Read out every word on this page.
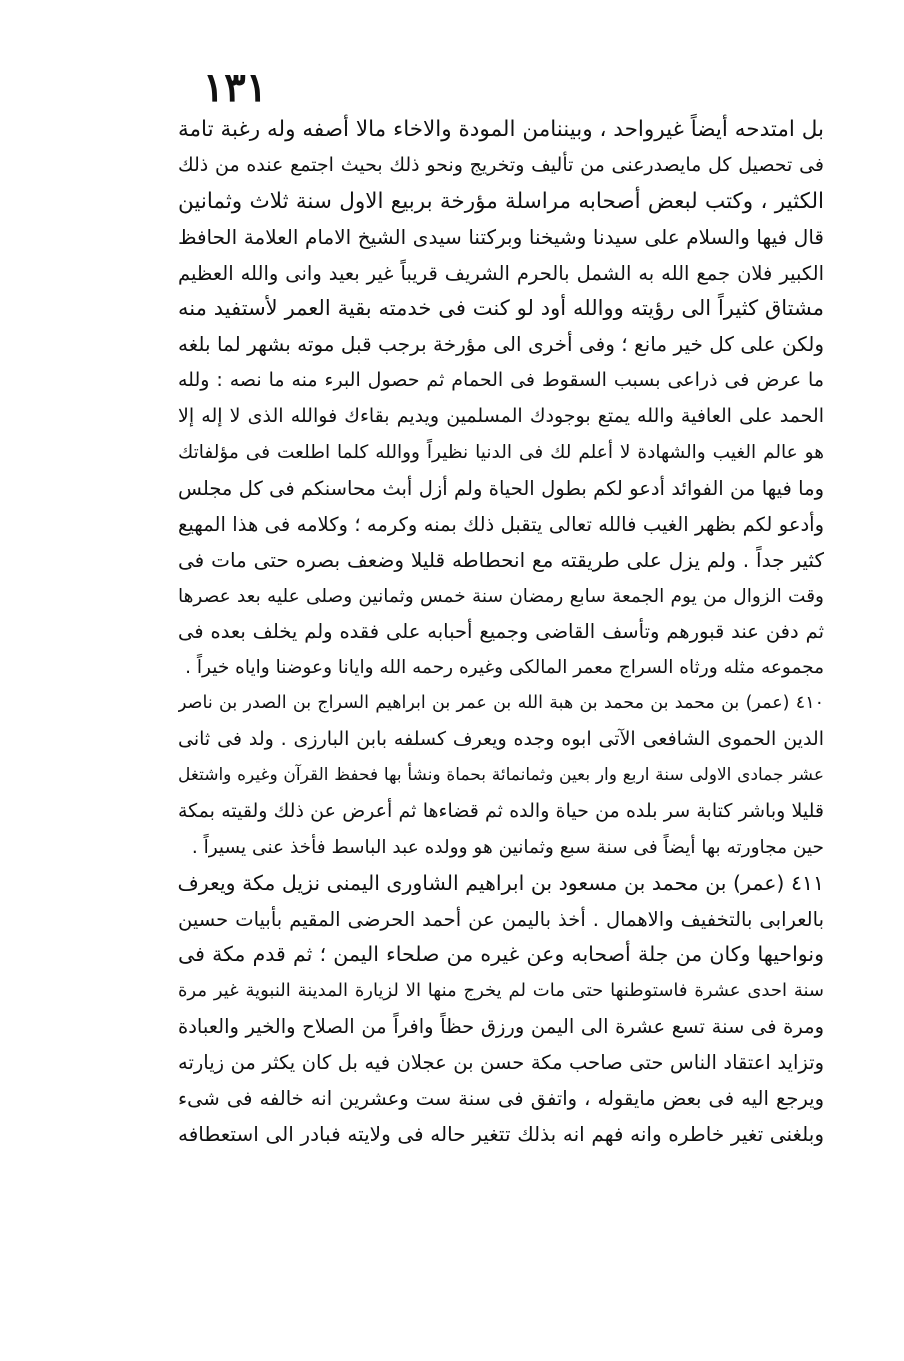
١٣١
بل امتدحه أيضاً غيرواحد ، وبيننامن المودة والاخاء مالا أصفه وله رغبة تامة
فى تحصيل كل مايصدرعنى من تأليف وتخريج ونحو ذلك بحيث اجتمع عنده من ذلك
الكثير ، وكتب لبعض أصحابه مراسلة مؤرخة بربيع الاول سنة ثلاث وثمانين
قال فيها والسلام على سيدنا وشيخنا وبركتنا سيدى الشيخ الامام العلامة الحافظ
الكبير فلان جمع الله به الشمل بالحرم الشريف قريباً غير بعيد وانى والله العظيم
مشتاق كثيراً الى رؤيته ووالله أود لو كنت فى خدمته بقية العمر لأستفيد منه
ولكن على كل خير مانع ؛ وفى أخرى الى مؤرخة برجب قبل موته بشهر لما بلغه
ما عرض فى ذراعى بسبب السقوط فى الحمام ثم حصول البرء منه ما نصه : ولله
الحمد على العافية والله يمتع بوجودك المسلمين ويديم بقاءك فوالله الذى لا إله إلا
هو عالم الغيب والشهادة لا أعلم لك فى الدنيا نظيراً ووالله كلما اطلعت فى مؤلفاتك
وما فيها من الفوائد أدعو لكم بطول الحياة ولم أزل أبث محاسنكم فى كل مجلس
وأدعو لكم بظهر الغيب فالله تعالى يتقبل ذلك بمنه وكرمه ؛ وكلامه فى هذا المهيع
كثير جداً . ولم يزل على طريقته مع انحطاطه قليلا وضعف بصره حتى مات فى
وقت الزوال من يوم الجمعة سابع رمضان سنة خمس وثمانين وصلى عليه بعد عصرها
ثم دفن عند قبورهم وتأسف القاضى وجميع أحبابه على فقده ولم يخلف بعده فى
مجموعه مثله ورثاه السراج معمر المالكى وغيره رحمه الله وايانا وعوضنا واياه خيراً .
٤١٠ (عمر) بن محمد بن محمد بن هبة الله بن عمر بن ابراهيم السراج بن الصدر بن ناصر
الدين الحموى الشافعى الآتى ابوه وجده ويعرف كسلفه بابن البارزى . ولد فى ثانى
عشر جمادى الاولى سنة اربع وار بعين وثمانمائة بحماة ونشأ بها فحفظ القرآن وغيره واشتغل
قليلا وباشر كتابة سر بلده من حياة والده ثم قضاءها ثم أعرض عن ذلك ولقيته بمكة
حين مجاورته بها أيضاً فى سنة سبع وثمانين هو وولده عبد الباسط فأخذ عنى يسيراً .
٤١١ (عمر) بن محمد بن مسعود بن ابراهيم الشاورى اليمنى نزيل مكة ويعرف
بالعرابى بالتخفيف والاهمال . أخذ باليمن عن أحمد الحرضى المقيم بأبيات حسين
ونواحيها وكان من جلة أصحابه وعن غيره من صلحاء اليمن ؛ ثم قدم مكة فى
سنة احدى عشرة فاستوطنها حتى مات لم يخرج منها الا لزيارة المدينة النبوية غير مرة
ومرة فى سنة تسع عشرة الى اليمن ورزق حظاً وافراً من الصلاح والخير والعبادة
وتزايد اعتقاد الناس حتى صاحب مكة حسن بن عجلان فيه بل كان يكثر من زيارته
ويرجع اليه فى بعض مايقوله ، واتفق فى سنة ست وعشرين انه خالفه فى شىء
وبلغنى تغير خاطره وانه فهم انه بذلك تتغير حاله فى ولايته فبادر الى استعطافه
